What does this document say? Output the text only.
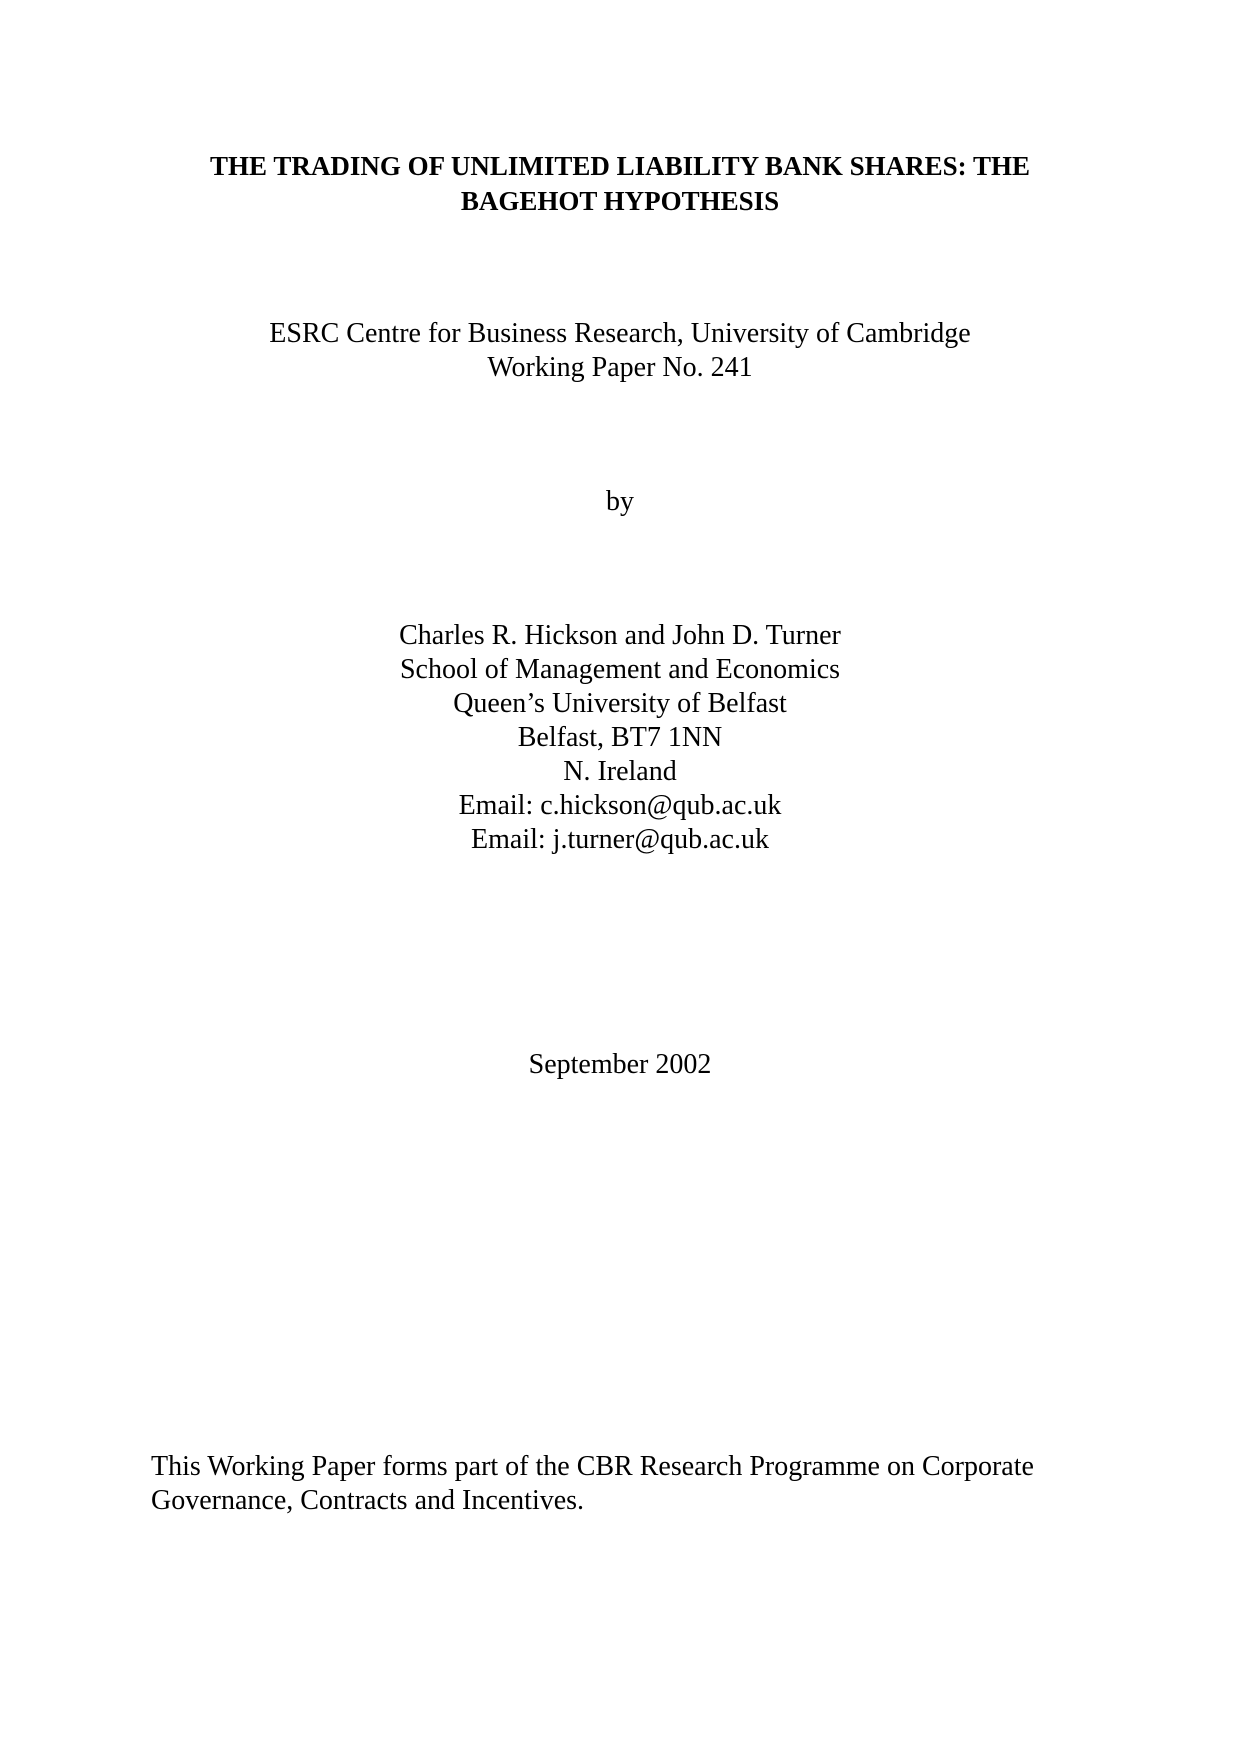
THE TRADING OF UNLIMITED LIABILITY BANK SHARES: THE
BAGEHOT HYPOTHESIS
ESRC Centre for Business Research, University of Cambridge
Working Paper No. 241
by
Charles R. Hickson and John D. Turner
School of Management and Economics
Queen’s University of Belfast
Belfast, BT7 1NN
N. Ireland
Email: c.hickson@qub.ac.uk
Email: j.turner@qub.ac.uk
September 2002
This Working Paper forms part of the CBR Research Programme on Corporate
Governance, Contracts and Incentives.
